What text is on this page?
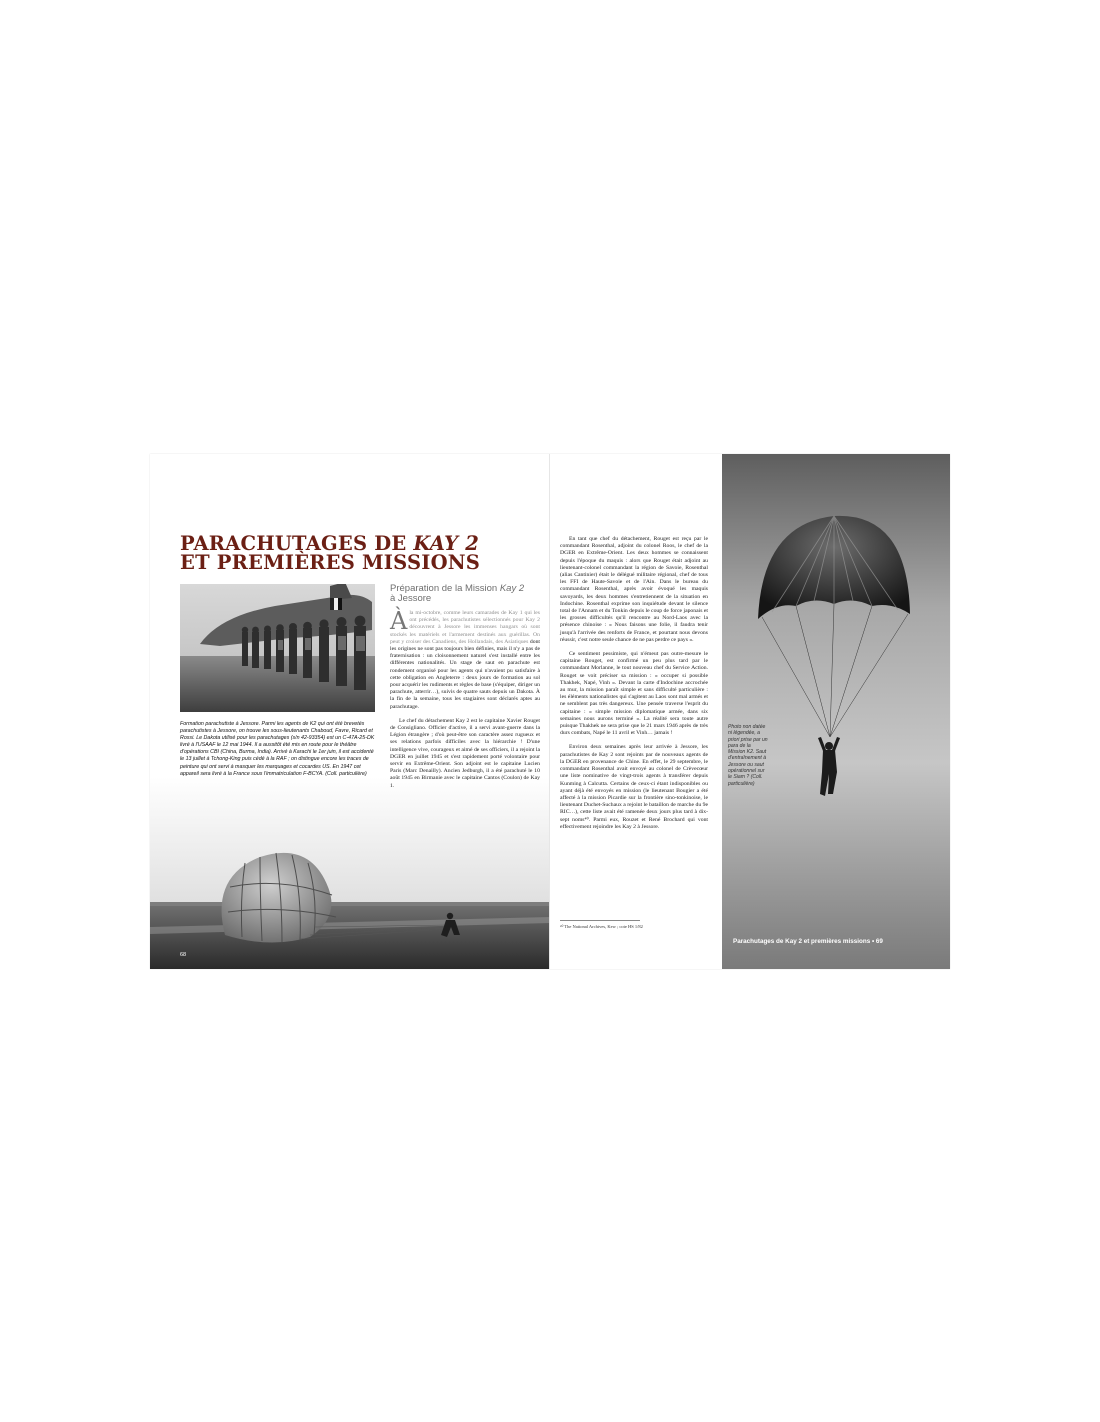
PARACHUTAGES DE KAY 2
ET PREMIÈRES MISSIONS
Formation parachutiste à Jessore. Parmi les agents de K2 qui ont été brevetés parachutistes à Jessore, on trouve les sous-lieutenants Chaboud, Favre, Ricard et Rossi. Le Dakota utilisé pour les parachutages (s/n 42-93354) est un C-47A-25-DK livré à l'USAAF le 12 mai 1944. Il a aussitôt été mis en route pour le théâtre d'opérations CBI (China, Burma, India). Arrivé à Karachi le 1er juin, il est accidenté le 13 juillet à Tchong-King puis cédé à la RAF ; on distingue encore les traces de peinture qui ont servi à masquer les marquages et cocardes US. En 1947 cet appareil sera livré à la France sous l'immatriculation F-BCYA. (Coll. particulière)
68
Préparation de la Mission Kay 2
à Jessore

Àla mi-octobre, comme leurs camarades de Kay 1 qui les ont précédés, les parachutistes sélectionnés pour Kay 2 découvrent à Jessore les immenses hangars où sont stockés les matériels et l'armement destinés aux guérillas. On peut y croiser des Canadiens, des Hollandais, des Asiatiques dont les origines ne sont pas toujours bien définies, mais il n'y a pas de fraternisation : un cloisonnement naturel s'est installé entre les différentes nationalités. Un stage de saut en parachute est rondement organisé pour les agents qui n'avaient pu satisfaire à cette obligation en Angleterre : deux jours de formation au sol pour acquérir les rudiments et règles de base (s'équiper, diriger un parachute, atterrir…), suivis de quatre sauts depuis un Dakota. À la fin de la semaine, tous les stagiaires sont déclarés aptes au parachutage.

Le chef du détachement Kay 2 est le capitaine Xavier Rouget de Consigliano. Officier d'active, il a servi avant-guerre dans la Légion étrangère ; d'où peut-être son caractère assez rugueux et ses relations parfois difficiles avec la hiérarchie ! D'une intelligence vive, courageux et aimé de ses officiers, il a rejoint la DGER en juillet 1945 et s'est rapidement porté volontaire pour servir en Extrême-Orient. Son adjoint est le capitaine Lucien Paris (Marc Denailly). Ancien Jedburgh, il a été parachuté le 10 août 1945 en Birmanie avec le capitaine Cantos (Coulon) de Kay 1.

En tant que chef du détachement, Rouget est reçu par le commandant Rosenthal, adjoint du colonel Roos, le chef de la DGER en Extrême-Orient. Les deux hommes se connaissent depuis l'époque du maquis : alors que Rouget était adjoint au lieutenant-colonel commandant la région de Savoie, Rosenthal (alias Cantinier) était le délégué militaire régional, chef de tous les FFI de Haute-Savoie et de l'Ain. Dans le bureau du commandant Rosenthal, après avoir évoqué les maquis savoyards, les deux hommes s'entretiennent de la situation en Indochine. Rosenthal exprime son inquiétude devant le silence total de l'Annam et du Tonkin depuis le coup de force japonais et les grosses difficultés qu'il rencontre au Nord-Laos avec la présence chinoise : « Nous faisons une folie, il faudra tenir jusqu'à l'arrivée des renforts de France, et pourtant nous devons réussir, c'est notre seule chance de ne pas perdre ce pays ».

Ce sentiment pessimiste, qui n'émeut pas outre-mesure le capitaine Rouget, est confirmé un peu plus tard par le commandant Morlanne, le tout nouveau chef du Service Action. Rouget se voit préciser sa mission : « occuper si possible Thakhek, Napé, Vinh ». Devant la carte d'Indochine accrochée au mur, la mission paraît simple et sans difficulté particulière : les éléments nationalistes qui s'agitent au Laos sont mal armés et ne semblent pas très dangereux. Une pensée traverse l'esprit du capitaine : « simple mission diplomatique armée, dans six semaines nous aurons terminé ». La réalité sera toute autre puisque Thakhek ne sera prise que le 21 mars 1946 après de très durs combats, Napé le 11 avril et Vinh… jamais !

Environ deux semaines après leur arrivée à Jessore, les parachutistes de Kay 2 sont rejoints par de nouveaux agents de la DGER en provenance de Chine. En effet, le 29 septembre, le commandant Rosenthal avait envoyé au colonel de Crèvecœur une liste nominative de vingt-trois agents à transférer depuis Kunming à Calcutta. Certains de ceux-ci étant indisponibles ou ayant déjà été envoyés en mission (le lieutenant Bougier a été affecté à la mission Picardie sur la frontière sino-tonkinoise, le lieutenant Duchet-Suchaux a rejoint le bataillon de marche du 9e RIC…), cette liste avait été ramenée deux jours plus tard à dix-sept noms⁴⁰. Parmi eux, Rouzet et René Brochard qui vont effectivement rejoindre les Kay 2 à Jessore.

⁴⁰ The National Archives, Kew ; cote HS 1/82
Photo non datée ni légendée, a priori prise par un para de la Mission K2. Saut d'entraînement à Jessore ou saut opérationnel sur le Siam ? (Coll. particulière)
Parachutages de Kay 2 et premières missions • 69
